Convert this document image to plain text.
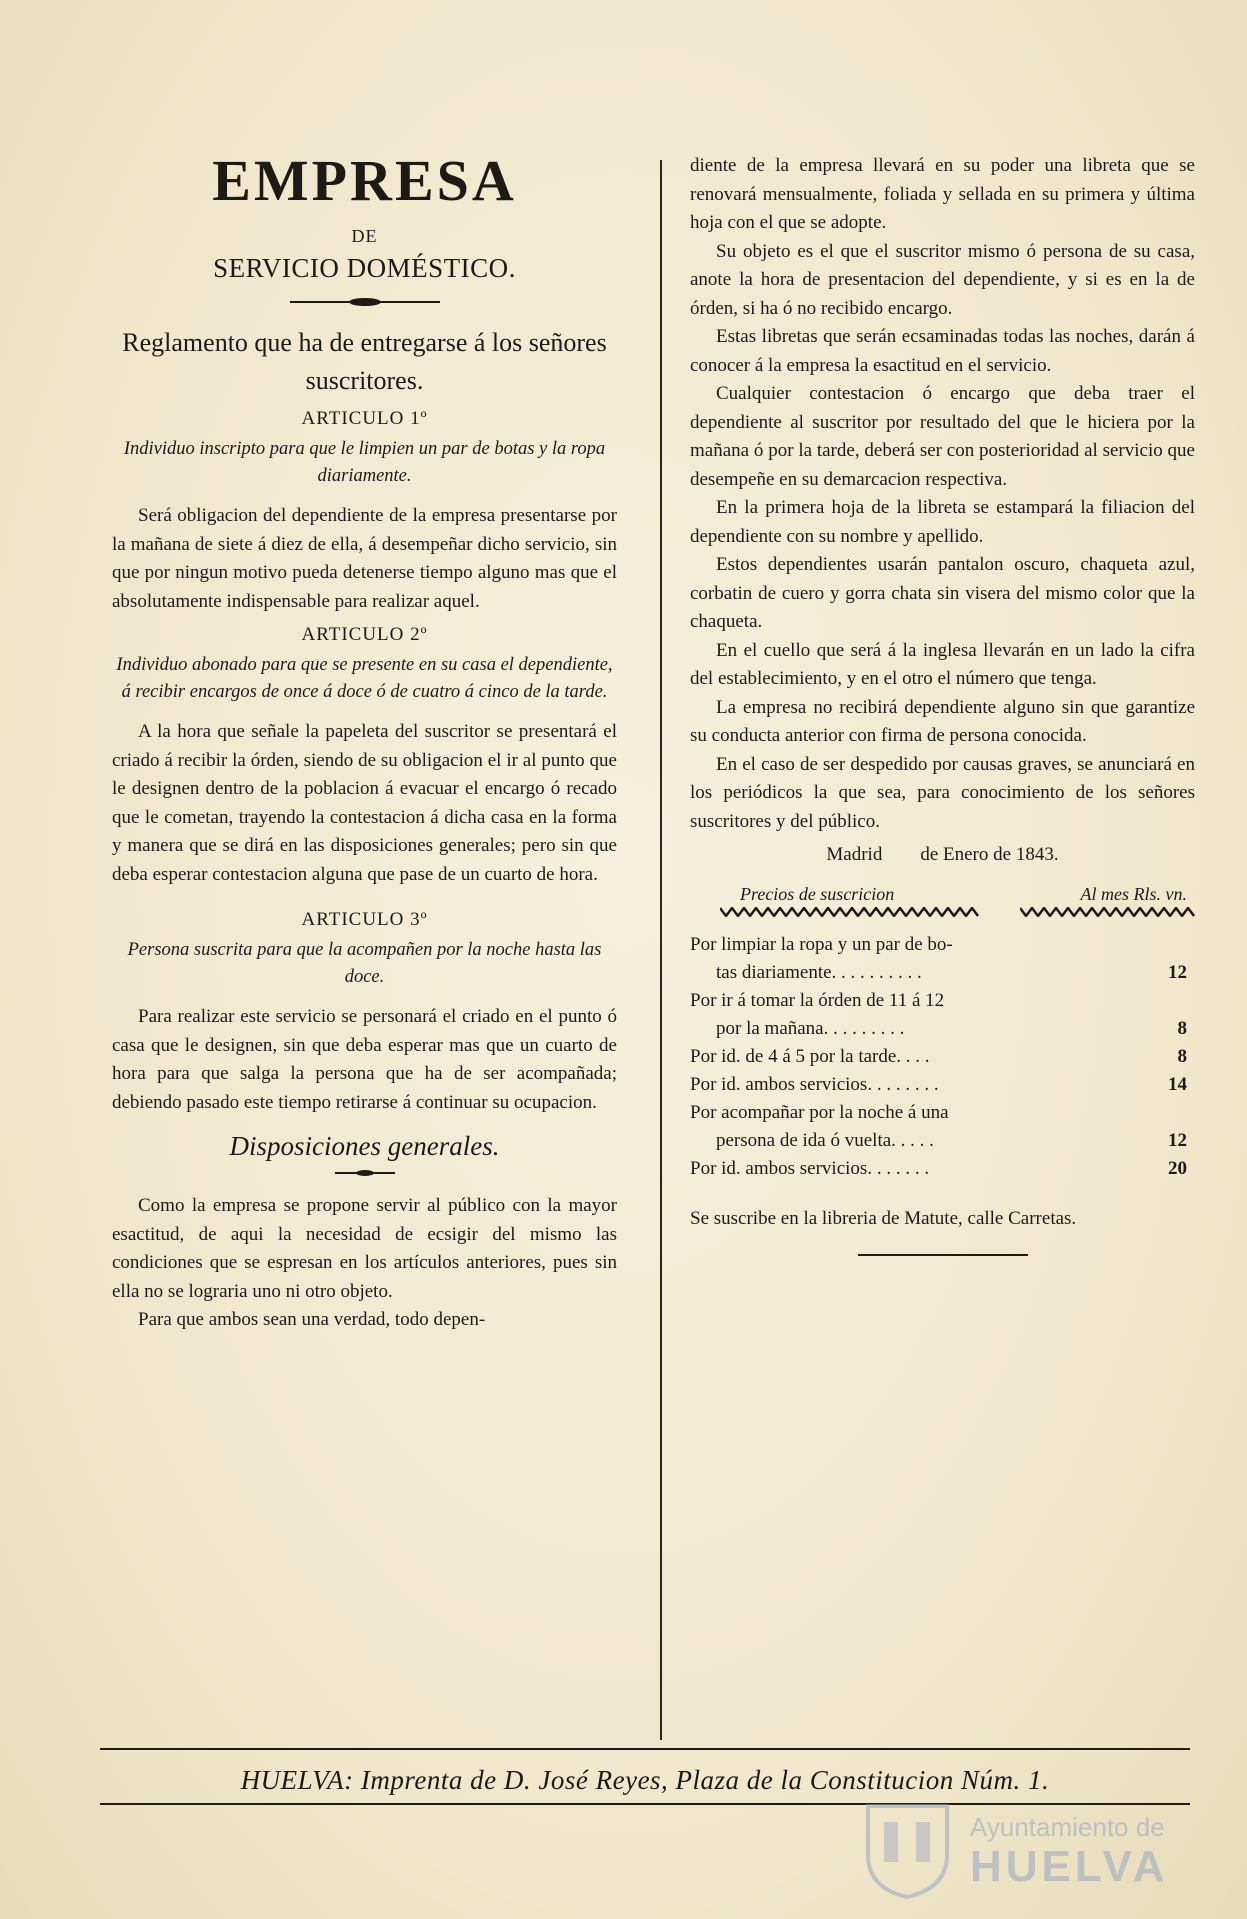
EMPRESA
DE
SERVICIO DOMÉSTICO.
Reglamento que ha de entregarse á los señores suscritores.
ARTICULO 1º
Individuo inscripto para que le limpien un par de botas y la ropa diariamente.

Será obligacion del dependiente de la empresa presentarse por la mañana de siete á diez de ella, á desempeñar dicho servicio, sin que por ningun motivo pueda detenerse tiempo alguno mas que el absolutamente indispensable para realizar aquel.

ARTICULO 2º
Individuo abonado para que se presente en su casa el dependiente, á recibir encargos de once á doce ó de cuatro á cinco de la tarde.

A la hora que señale la papeleta del suscritor se presentará el criado á recibir la órden, siendo de su obligacion el ir al punto que le designen dentro de la poblacion á evacuar el encargo ó recado que le cometan, trayendo la contestacion á dicha casa en la forma y manera que se dirá en las disposiciones generales; pero sin que deba esperar contestacion alguna que pase de un cuarto de hora.

ARTICULO 3º
Persona suscrita para que la acompañen por la noche hasta las doce.

Para realizar este servicio se personará el criado en el punto ó casa que le designen, sin que deba esperar mas que un cuarto de hora para que salga la persona que ha de ser acompañada; debiendo pasado este tiempo retirarse á continuar su ocupacion.

Disposiciones generales.

Como la empresa se propone servir al público con la mayor esactitud, de aqui la necesidad de ecsigir del mismo las condiciones que se espresan en los artículos anteriores, pues sin ella no se lograria uno ni otro objeto.

Para que ambos sean una verdad, todo depen-

diente de la empresa llevará en su poder una libreta que se renovará mensualmente, foliada y sellada en su primera y última hoja con el que se adopte.

Su objeto es el que el suscritor mismo ó persona de su casa, anote la hora de presentacion del dependiente, y si es en la de órden, si ha ó no recibido encargo.

Estas libretas que serán ecsaminadas todas las noches, darán á conocer á la empresa la esactitud en el servicio.

Cualquier contestacion ó encargo que deba traer el dependiente al suscritor por resultado del que le hiciera por la mañana ó por la tarde, deberá ser con posterioridad al servicio que desempeñe en su demarcacion respectiva.

En la primera hoja de la libreta se estampará la filiacion del dependiente con su nombre y apellido.

Estos dependientes usarán pantalon oscuro, chaqueta azul, corbatin de cuero y gorra chata sin visera del mismo color que la chaqueta.

En el cuello que será á la inglesa llevarán en un lado la cifra del establecimiento, y en el otro el número que tenga.

La empresa no recibirá dependiente alguno sin que garantize su conducta anterior con firma de persona conocida.

En el caso de ser despedido por causas graves, se anunciará en los periódicos la que sea, para conocimiento de los señores suscritores y del público.

Madrid        de Enero de 1843.
Precios de suscricion	Al mes Rls. vn.
Por limpiar la ropa y un par de bo-
tas diariamente. . . . . . . . . .	12
Por ir á tomar la órden de 11 á 12
por la mañana. . . . . . . . .	8
Por id. de 4 á 5 por la tarde. . . .	8
Por id. ambos servicios. . . . . . . .	14
Por acompañar por la noche á una
persona de ida ó vuelta. . . . .	12
Por id. ambos servicios. . . . . . .	20

Se suscribe en la libreria de Matute, calle Carretas.

HUELVA: Imprenta de D. José Reyes, Plaza de la Constitucion Núm. 1.
Ayuntamiento de
HUELVA
